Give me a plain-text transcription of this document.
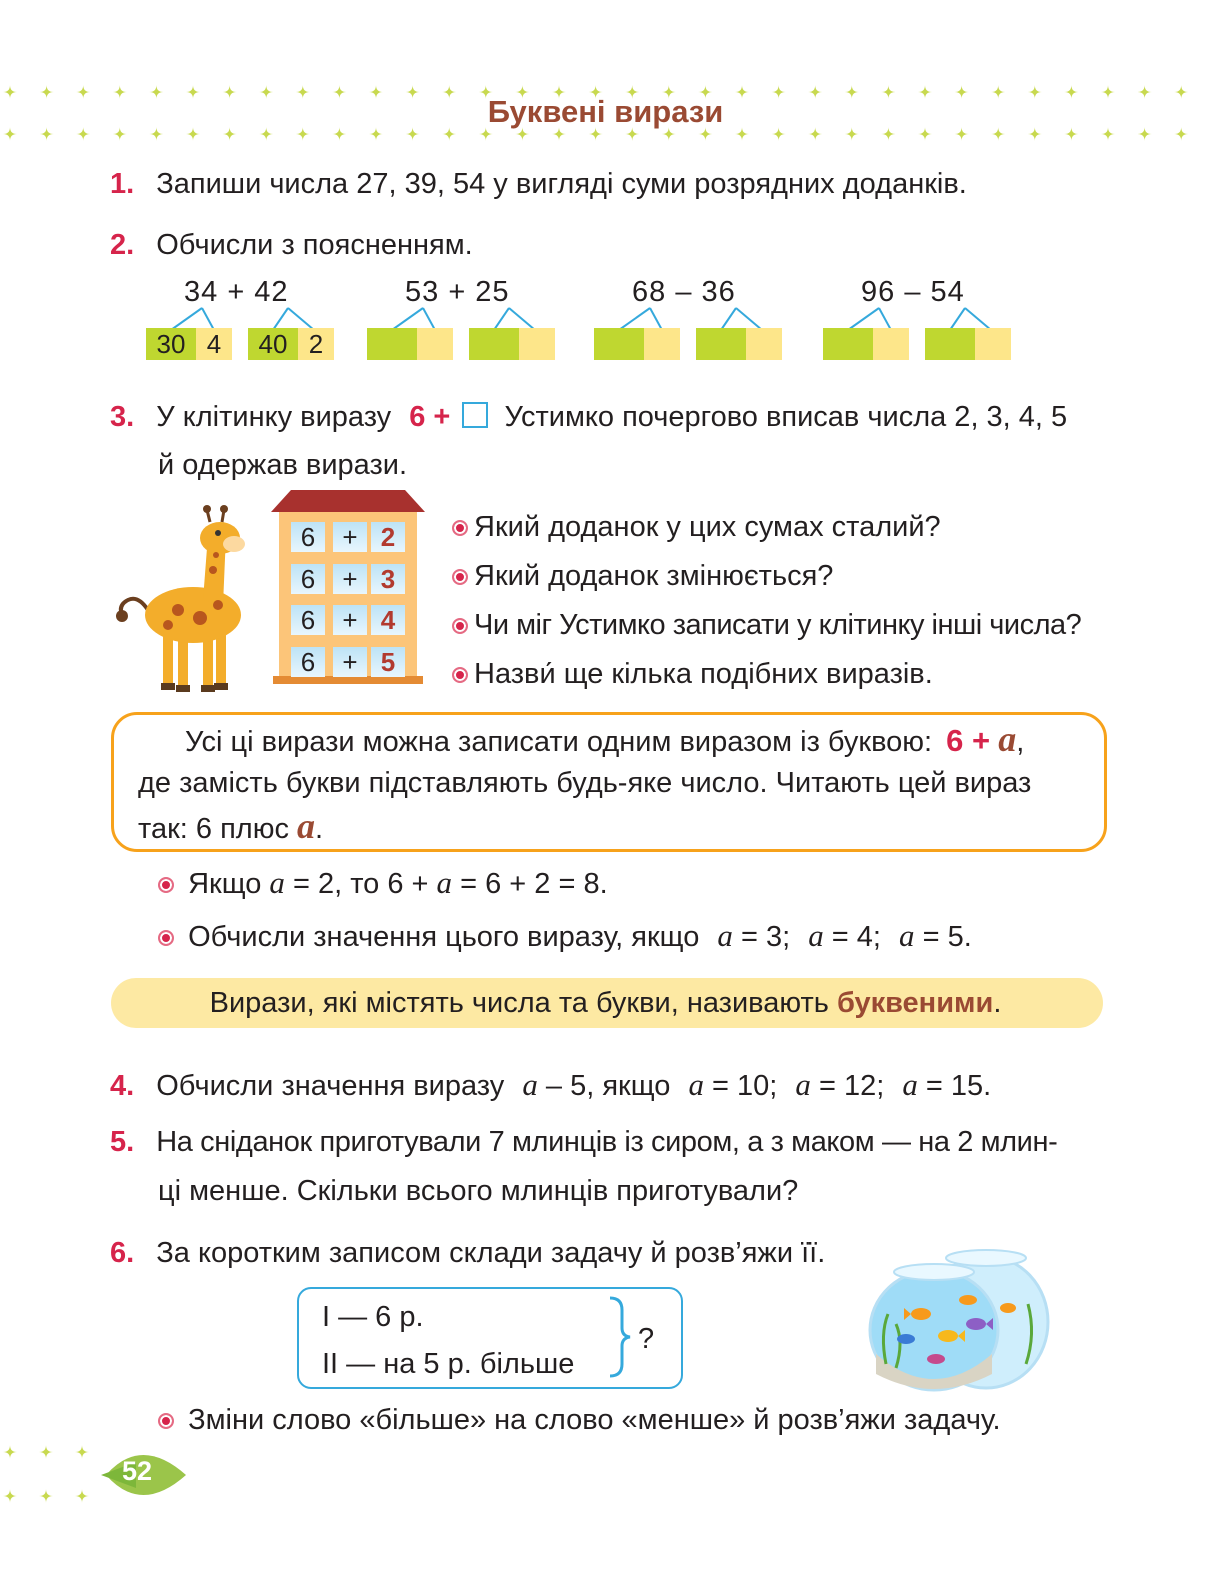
Буквені вирази
1. Запиши числа 27, 39, 54 у вигляді суми розрядних доданків.
2. Обчисли з поясненням.
34 + 42
30 4	40 2
53 + 25	68 – 36	96 – 54
3. У клітинку виразу 6 + Устимко почергово вписав числа 2, 3, 4, 5
й одержав вирази.
6	+ 2
6	+ 3
6	+ 4
6	+ 5
Який доданок у цих сумах сталий?
Який доданок змінюється?
Чи міг Устимко записати у клітинку інші числа?
Назви́ ще кілька подібних виразів.
Усі ці вирази можна записати одним виразом із буквою: 6 + a,
де замість букви підставляють будь-яке число. Читають цей вираз
так: 6 плюс a.
Якщо a = 2, то 6 + a = 6 + 2 = 8.
Обчисли значення цього виразу, якщо a = 3; a = 4; a = 5.
Вирази, які містять числа та букви, називають буквеними.
4. Обчисли значення виразу a – 5, якщо a = 10; a = 12; a = 15.
5. На сніданок приготували 7 млинців із сиром, а з маком — на 2 млин-
ці менше. Скільки всього млинців приготували?
6. За коротким записом склади задачу й розв’яжи її.
I — 6 р.
II — на 5 р. більше
?
Зміни слово «більше» на слово «менше» й розв’яжи задачу.
52
